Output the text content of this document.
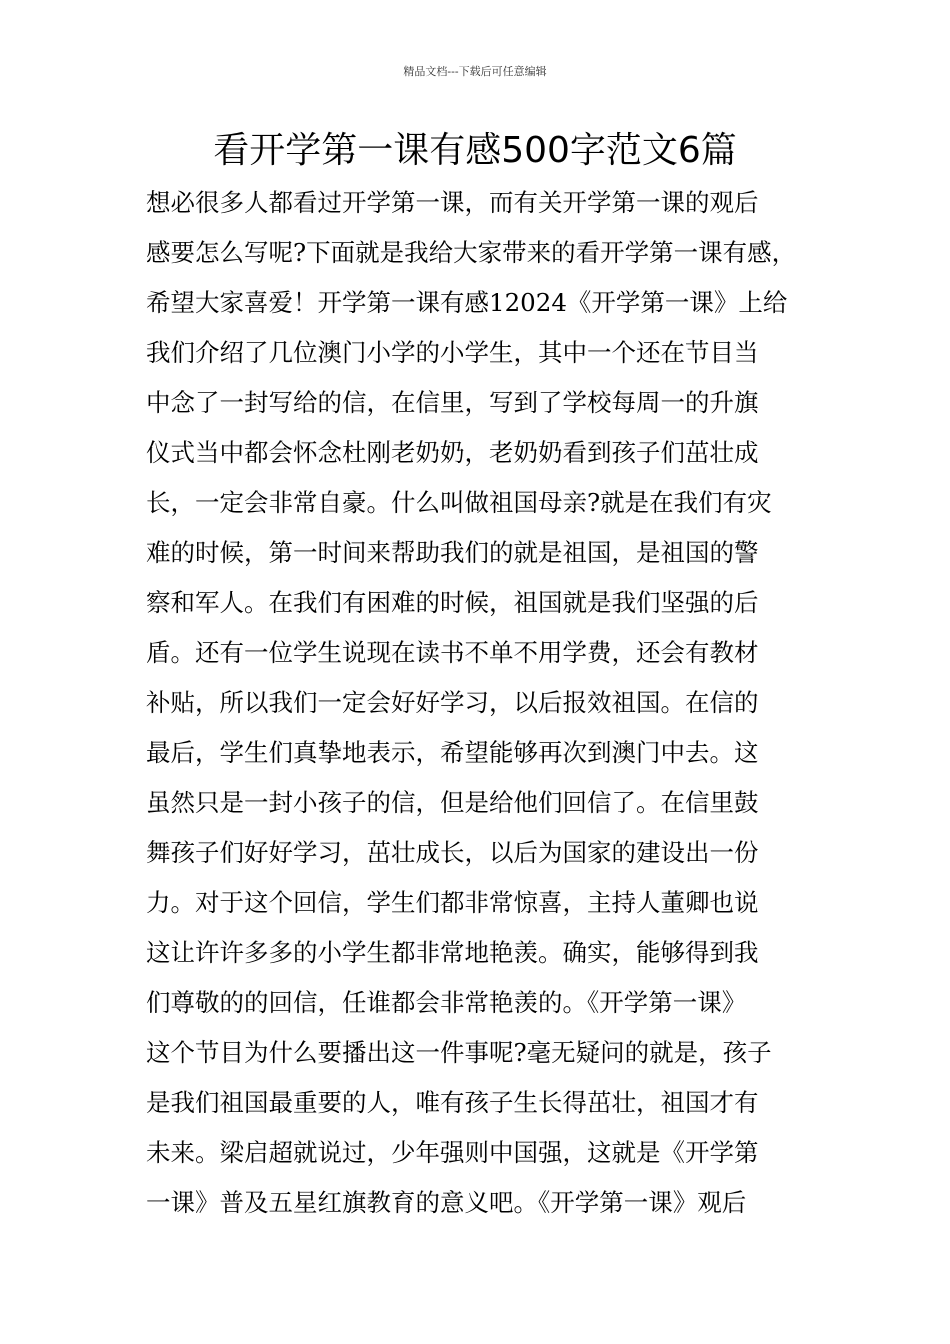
精品文档---下载后可任意编辑
看开学第一课有感500字范文6篇
想必很多人都看过开学第一课，而有关开学第一课的观后
感要怎么写呢?下面就是我给大家带来的看开学第一课有感，
希望大家喜爱！开学第一课有感12024《开学第一课》上给
我们介绍了几位澳门小学的小学生，其中一个还在节目当
中念了一封写给的信，在信里，写到了学校每周一的升旗
仪式当中都会怀念杜刚老奶奶，老奶奶看到孩子们茁壮成
长，一定会非常自豪。什么叫做祖国母亲?就是在我们有灾
难的时候，第一时间来帮助我们的就是祖国，是祖国的警
察和军人。在我们有困难的时候，祖国就是我们坚强的后
盾。还有一位学生说现在读书不单不用学费，还会有教材
补贴，所以我们一定会好好学习，以后报效祖国。在信的
最后，学生们真挚地表示，希望能够再次到澳门中去。这
虽然只是一封小孩子的信，但是给他们回信了。在信里鼓
舞孩子们好好学习，茁壮成长，以后为国家的建设出一份
力。对于这个回信，学生们都非常惊喜，主持人董卿也说
这让许许多多的小学生都非常地艳羡。确实，能够得到我
们尊敬的的回信，任谁都会非常艳羡的。《开学第一课》
这个节目为什么要播出这一件事呢?毫无疑问的就是，孩子
是我们祖国最重要的人，唯有孩子生长得茁壮，祖国才有
未来。梁启超就说过，少年强则中国强，这就是《开学第
一课》普及五星红旗教育的意义吧。《开学第一课》观后
